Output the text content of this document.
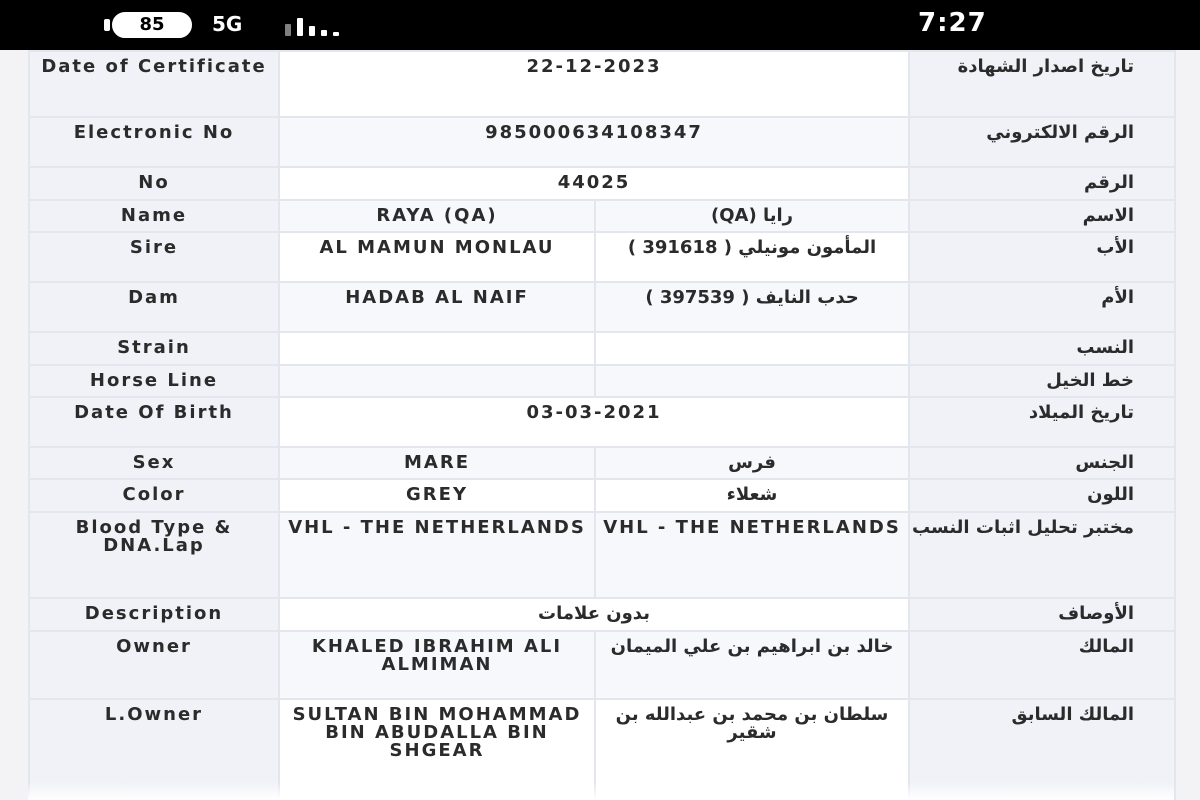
85	5G	7:27
Date of Certificate	22-12-2023		تاريخ اصدار الشهادة

Electronic No	985000634108347		الرقم الالكتروني

No	44025		الرقم

Name	RAYA (QA)	رايا (QA)	الاسم

Sire	AL MAMUN MONLAU	المأمون مونيلي ( 391618 )	الأب

Dam	HADAB AL NAIF	حدب النايف ( 397539 )	الأم

Strain			النسب

Horse Line			خط الخيل

Date Of Birth	03-03-2021		تاريخ الميلاد

Sex	MARE	فرس	الجنس

Color	GREY	شعلاء	اللون

Blood Type & DNA.Lap	VHL - THE NETHERLANDS	VHL - THE NETHERLANDS	مختبر تحليل اثبات النسب

Description	بدون علامات		الأوصاف

Owner	KHALED IBRAHIM ALI ALMIMAN	خالد بن ابراهيم بن علي الميمان	المالك

L.Owner	SULTAN BIN MOHAMMAD BIN ABUDALLA BIN SHGEAR	سلطان بن محمد بن عبدالله بن شقير	المالك السابق
